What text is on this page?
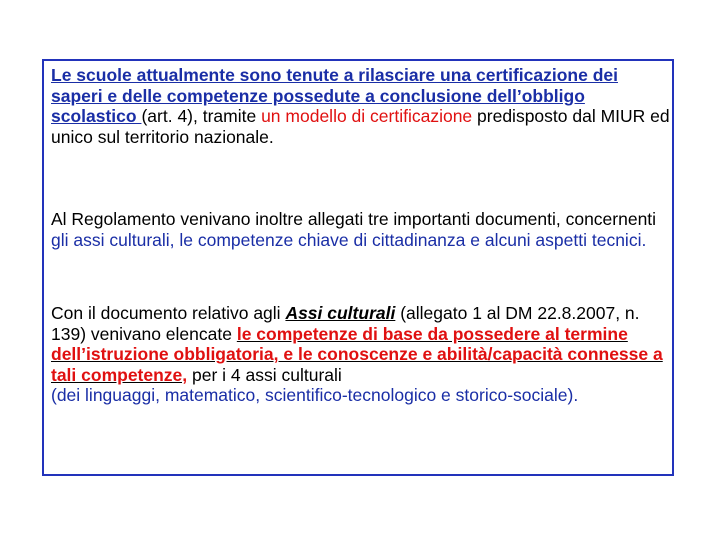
Le scuole attualmente sono tenute a rilasciare una certificazione dei saperi e delle competenze possedute a conclusione dell’obbligo scolastico (art. 4), tramite un modello di certificazione predisposto dal MIUR ed unico sul territorio nazionale.

Al Regolamento venivano inoltre allegati tre importanti documenti, concernenti gli assi culturali, le competenze chiave di cittadinanza e alcuni aspetti tecnici.

Con il documento relativo agli Assi culturali (allegato 1 al DM 22.8.2007, n. 139) venivano elencate le competenze di base da possedere al termine dell’istruzione obbligatoria, e le conoscenze e abilità/capacità connesse a tali competenze, per i 4 assi culturali
(dei linguaggi, matematico, scientifico-tecnologico e storico-sociale).
